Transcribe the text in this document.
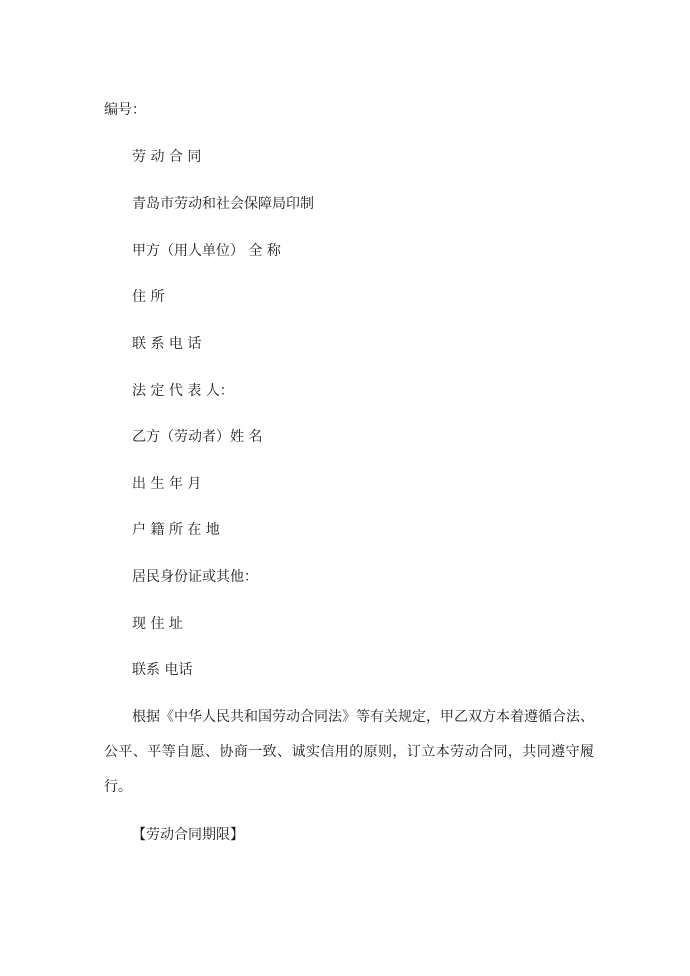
编号：
劳 动 合 同
青岛市劳动和社会保障局印制
甲方（用人单位） 全 称
住 所
联 系 电 话
法 定 代 表 人：
乙方（劳动者）姓 名
出 生 年 月
户 籍 所 在 地
居民身份证或其他：
现 住 址
联系 电话
根据《中华人民共和国劳动合同法》等有关规定，甲乙双方本着遵循合法、公平、平等自愿、协商一致、诚实信用的原则，订立本劳动合同，共同遵守履行。
【劳动合同期限】
